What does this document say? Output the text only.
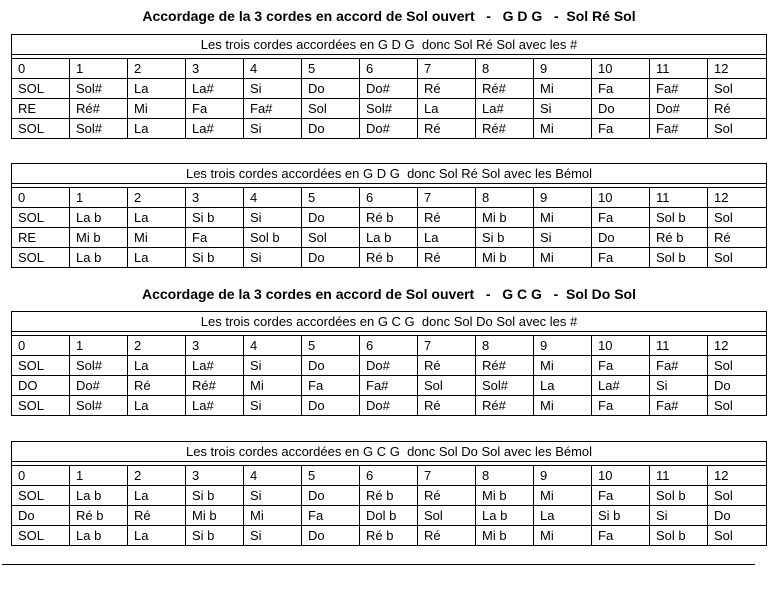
Accordage de la 3 cordes en accord de Sol ouvert   -   G D G   -  Sol Ré Sol
Les trois cordes accordées en G D G  donc Sol Ré Sol avec les #												

0	1	2	3	4	5	6	7	8	9	10	11	12
SOL	Sol#	La	La#	Si	Do	Do#	Ré	Ré#	Mi	Fa	Fa#	Sol
RE	Ré#	Mi	Fa	Fa#	Sol	Sol#	La	La#	Si	Do	Do#	Ré
SOL	Sol#	La	La#	Si	Do	Do#	Ré	Ré#	Mi	Fa	Fa#	Sol
Les trois cordes accordées en G D G  donc Sol Ré Sol avec les Bémol												

0	1	2	3	4	5	6	7	8	9	10	11	12
SOL	La b	La	Si b	Si	Do	Ré b	Ré	Mi b	Mi	Fa	Sol b	Sol
RE	Mi b	Mi	Fa	Sol b	Sol	La b	La	Si b	Si	Do	Ré b	Ré
SOL	La b	La	Si b	Si	Do	Ré b	Ré	Mi b	Mi	Fa	Sol b	Sol
Accordage de la 3 cordes en accord de Sol ouvert   -   G C G   -  Sol Do Sol
Les trois cordes accordées en G C G  donc Sol Do Sol avec les #												

0	1	2	3	4	5	6	7	8	9	10	11	12
SOL	Sol#	La	La#	Si	Do	Do#	Ré	Ré#	Mi	Fa	Fa#	Sol
DO	Do#	Ré	Ré#	Mi	Fa	Fa#	Sol	Sol#	La	La#	Si	Do
SOL	Sol#	La	La#	Si	Do	Do#	Ré	Ré#	Mi	Fa	Fa#	Sol
Les trois cordes accordées en G C G  donc Sol Do Sol avec les Bémol												

0	1	2	3	4	5	6	7	8	9	10	11	12
SOL	La b	La	Si b	Si	Do	Ré b	Ré	Mi b	Mi	Fa	Sol b	Sol
Do	Ré b	Ré	Mi b	Mi	Fa	Dol b	Sol	La b	La	Si b	Si	Do
SOL	La b	La	Si b	Si	Do	Ré b	Ré	Mi b	Mi	Fa	Sol b	Sol
